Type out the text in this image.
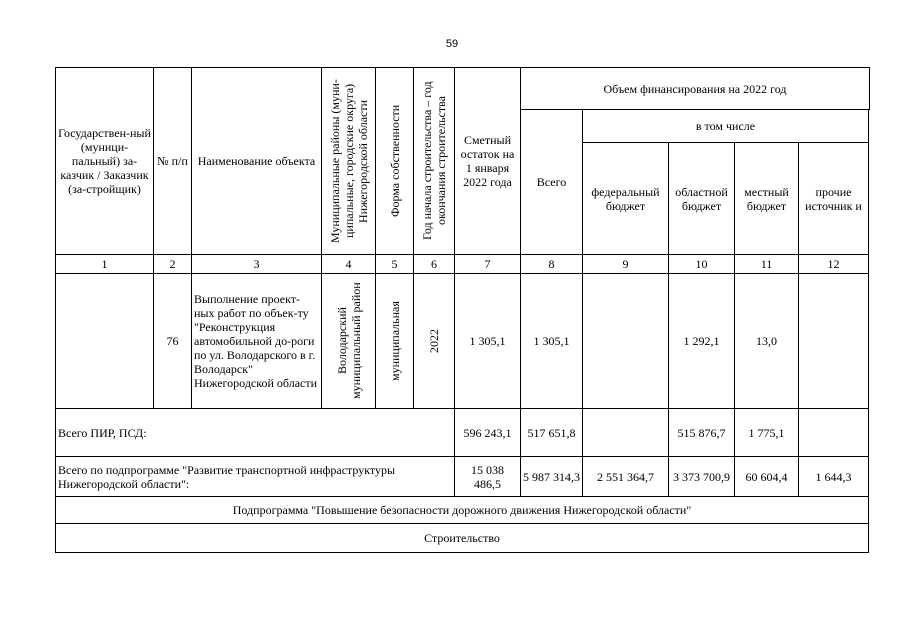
59
Государствен-ный (муници-пальный) за-казчик / Заказчик (за-стройщик)	№ п/п	Наименование объекта	Муниципальные районы (муни-ципальные, городские округа) Нижегородской области	Форма собственности	Год начала строительства – год окончания строительства	Сметный остаток на 1 января 2022 года	Объем финансирования на 2022 год				
							Всего	в том числе			
								федеральный бюджет	областной бюджет	местный бюджет	прочие источник и
1	2	3	4	5	6	7	8	9	10	11	12
	76	Выполнение проект-ных работ по объек-ту "Реконструкция автомобильной до-роги по ул. Володарского в г. Володарск" Нижегородской области	Володарский муниципальный район	муниципальная	2022	1 305,1	1 305,1		1 292,1	13,0	
Всего ПИР, ПСД:						596 243,1	517 651,8		515 876,7	1 775,1	
Всего по подпрограмме "Развитие транспортной инфраструктуры Нижегородской области":						15 038 486,5	5 987 314,3	2 551 364,7	3 373 700,9	60 604,4	1 644,3
Подпрограмма "Повышение безопасности дорожного движения Нижегородской области"											
Строительство											
